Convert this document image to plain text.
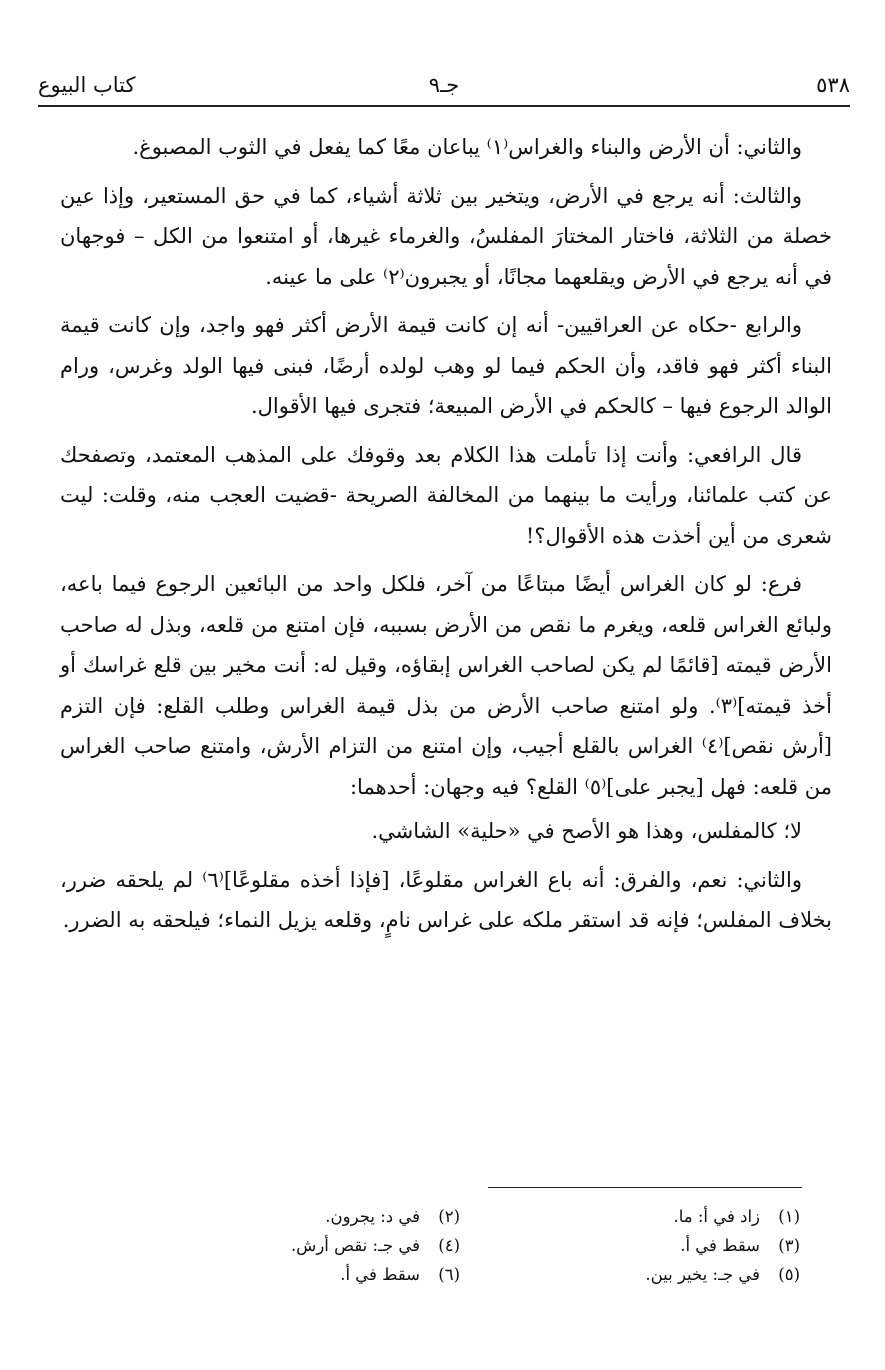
٥٣٨
جـ٩
كتاب البيوع

والثاني: أن الأرض والبناء والغراس⁽١⁾ يباعان معًا كما يفعل في الثوب المصبوغ.

والثالث: أنه يرجع في الأرض، ويتخير بين ثلاثة أشياء، كما في حق المستعير، وإذا عين خصلة من الثلاثة، فاختار المختارَ المفلسُ، والغرماء غيرها، أو امتنعوا من الكل – فوجهان في أنه يرجع في الأرض ويقلعهما مجانًا، أو يجبرون⁽٢⁾ على ما عينه.

والرابع -حكاه عن العراقيين- أنه إن كانت قيمة الأرض أكثر فهو واجد، وإن كانت قيمة البناء أكثر فهو فاقد، وأن الحكم فيما لو وهب لولده أرضًا، فبنى فيها الولد وغرس، ورام الوالد الرجوع فيها – كالحكم في الأرض المبيعة؛ فتجرى فيها الأقوال.

قال الرافعي: وأنت إذا تأملت هذا الكلام بعد وقوفك على المذهب المعتمد، وتصفحك عن كتب علمائنا، ورأيت ما بينهما من المخالفة الصريحة -قضيت العجب منه، وقلت: ليت شعرى من أين أخذت هذه الأقوال؟!

فرع: لو كان الغراس أيضًا مبتاعًا من آخر، فلكل واحد من البائعين الرجوع فيما باعه، ولبائع الغراس قلعه، ويغرم ما نقص من الأرض بسببه، فإن امتنع من قلعه، وبذل له صاحب الأرض قيمته [قائمًا لم يكن لصاحب الغراس إبقاؤه، وقيل له: أنت مخير بين قلع غراسك أو أخذ قيمته]⁽٣⁾. ولو امتنع صاحب الأرض من بذل قيمة الغراس وطلب القلع: فإن التزم [أرش نقص]⁽٤⁾ الغراس بالقلع أجيب، وإن امتنع من التزام الأرش، وامتنع صاحب الغراس من قلعه: فهل [يجبر على]⁽٥⁾ القلع؟ فيه وجهان: أحدهما:

لا؛ كالمفلس، وهذا هو الأصح في «حلية» الشاشي.

والثاني: نعم، والفرق: أنه باع الغراس مقلوعًا، [فإذا أخذه مقلوعًا]⁽٦⁾ لم يلحقه ضرر، بخلاف المفلس؛ فإنه قد استقر ملكه على غراس نامٍ، وقلعه يزيل النماء؛ فيلحقه به الضرر.

(١)
زاد في أ: ما.
(٢)
في د: يجرون.
(٣)
سقط في أ.
(٤)
في جـ: نقص أرش.
(٥)
في جـ: يخير بين.
(٦)
سقط في أ.
